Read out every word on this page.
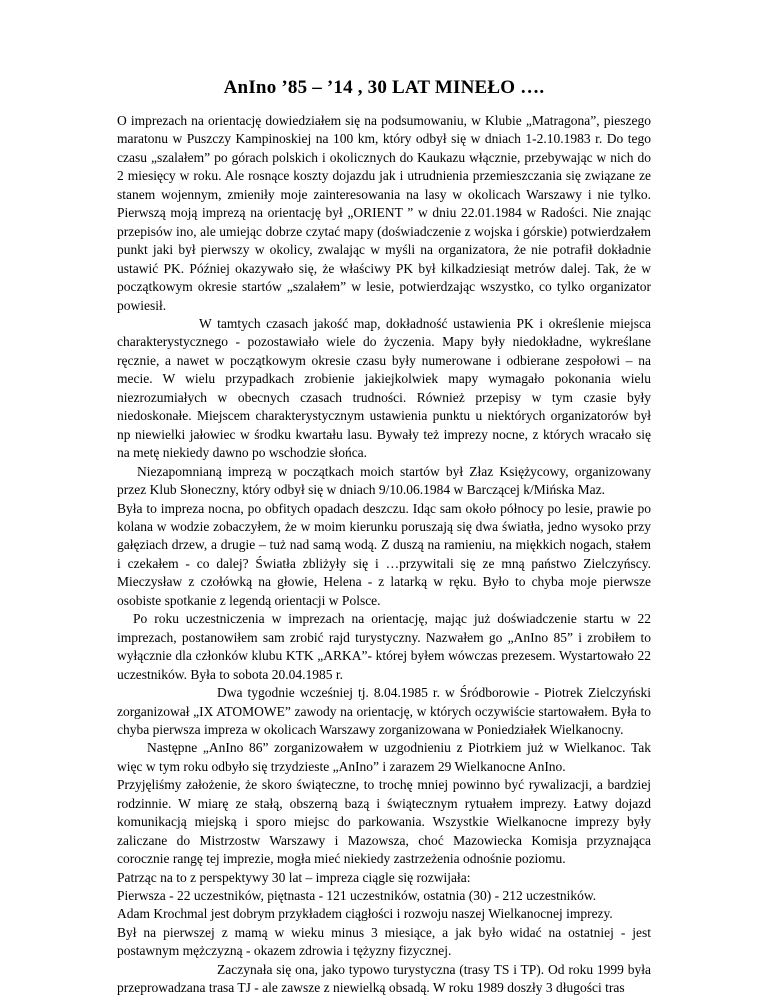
AnIno ’85 – ’14 , 30 LAT MINEŁO ….

O imprezach na orientację dowiedziałem się na podsumowaniu, w Klubie „Matragona”, pieszego maratonu w Puszczy Kampinoskiej na 100 km, który odbył się w dniach 1-2.10.1983 r. Do tego czasu „szalałem” po górach polskich i okolicznych do Kaukazu włącznie, przebywając w nich do 2 miesięcy w roku. Ale rosnące koszty dojazdu jak i utrudnienia przemieszczania się związane ze stanem wojennym, zmieniły moje zainteresowania na lasy w okolicach Warszawy i nie tylko. Pierwszą moją imprezą na orientację był „ORIENT ” w dniu 22.01.1984 w Radości. Nie znając przepisów ino, ale umiejąc dobrze czytać mapy (doświadczenie z wojska i górskie) potwierdzałem punkt jaki był pierwszy w okolicy, zwalając w myśli na organizatora, że nie potrafił dokładnie ustawić PK. Później okazywało się, że właściwy PK był kilkadziesiąt metrów dalej. Tak, że w początkowym okresie startów „szalałem” w lesie, potwierdzając wszystko, co tylko organizator powiesił.

W tamtych czasach jakość map, dokładność ustawienia PK i określenie miejsca charakterystycznego - pozostawiało wiele do życzenia. Mapy były niedokładne, wykreślane ręcznie, a nawet w początkowym okresie czasu były numerowane i odbierane zespołowi – na mecie. W wielu przypadkach zrobienie jakiejkolwiek mapy wymagało pokonania wielu niezrozumiałych w obecnych czasach trudności. Również przepisy w tym czasie były niedoskonałe. Miejscem charakterystycznym ustawienia punktu u niektórych organizatorów był np niewielki jałowiec w środku kwartału lasu. Bywały też imprezy nocne, z których wracało się na metę niekiedy dawno po wschodzie słońca.

Niezapomnianą imprezą w początkach moich startów był Złaz Księżycowy, organizowany przez Klub Słoneczny, który odbył się w dniach 9/10.06.1984 w Barczącej k/Mińska Maz.

Była to impreza nocna, po obfitych opadach deszczu. Idąc sam około północy po lesie, prawie po kolana w wodzie zobaczyłem, że w moim kierunku poruszają się dwa światła, jedno wysoko przy gałęziach drzew, a drugie – tuż nad samą wodą. Z duszą na ramieniu, na miękkich nogach, stałem i czekałem - co dalej? Światła zbliżyły się i …przywitali się ze mną państwo Zielczyńscy. Mieczysław z czołówką na głowie, Helena - z latarką w ręku. Było to chyba moje pierwsze osobiste spotkanie z legendą orientacji w Polsce.

Po roku uczestniczenia w imprezach na orientację, mając już doświadczenie startu w 22 imprezach, postanowiłem sam zrobić rajd turystyczny. Nazwałem go „AnIno 85” i zrobiłem to wyłącznie dla członków klubu KTK „ARKA”- której byłem wówczas prezesem. Wystartowało 22 uczestników. Była to sobota 20.04.1985 r.

Dwa tygodnie wcześniej tj. 8.04.1985 r. w Śródborowie - Piotrek Zielczyński zorganizował „IX ATOMOWE” zawody na orientację, w których oczywiście startowałem. Była to chyba pierwsza impreza w okolicach Warszawy zorganizowana w Poniedziałek Wielkanocny.

Następne „AnIno 86” zorganizowałem w uzgodnieniu z Piotrkiem już w Wielkanoc. Tak więc w tym roku odbyło się trzydzieste „AnIno” i zarazem 29 Wielkanocne AnIno.

Przyjęliśmy założenie, że skoro świąteczne, to trochę mniej powinno być rywalizacji, a bardziej rodzinnie. W miarę ze stałą, obszerną bazą i świątecznym rytuałem imprezy. Łatwy dojazd komunikacją miejską i sporo miejsc do parkowania. Wszystkie Wielkanocne imprezy były zaliczane do Mistrzostw Warszawy i Mazowsza, choć Mazowiecka Komisja przyznająca corocznie rangę tej imprezie, mogła mieć niekiedy zastrzeżenia odnośnie poziomu.

Patrząc na to z perspektywy 30 lat – impreza ciągle się rozwijała:

Pierwsza - 22 uczestników, piętnasta - 121 uczestników, ostatnia (30) - 212 uczestników.

Adam Krochmal jest dobrym przykładem ciągłości i rozwoju naszej Wielkanocnej imprezy.

Był na pierwszej z mamą w wieku minus 3 miesiące, a jak było widać na ostatniej - jest postawnym mężczyzną - okazem zdrowia i tężyzny fizycznej.

Zaczynała się ona, jako typowo turystyczna (trasy TS i TP). Od roku 1999 była przeprowadzana trasa TJ - ale zawsze z niewielką obsadą. W roku 1989 doszły 3 długości tras
